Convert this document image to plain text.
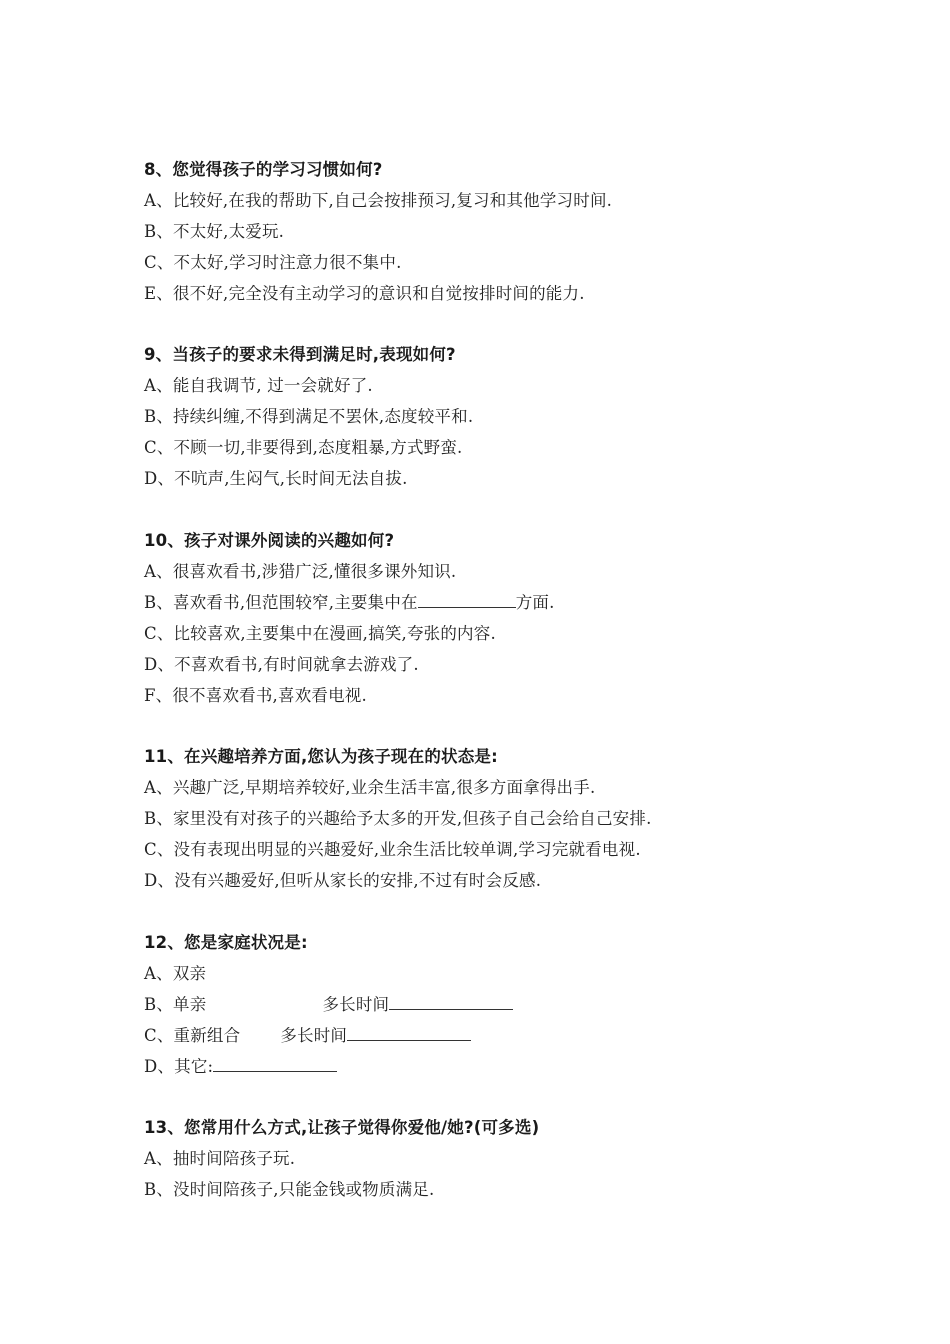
8、您觉得孩子的学习习惯如何?
A、比较好,在我的帮助下,自己会按排预习,复习和其他学习时间.
B、不太好,太爱玩.
C、不太好,学习时注意力很不集中.
E、很不好,完全没有主动学习的意识和自觉按排时间的能力.
9、当孩子的要求未得到满足时,表现如何?
A、能自我调节, 过一会就好了.
B、持续纠缠,不得到满足不罢休,态度较平和.
C、不顾一切,非要得到,态度粗暴,方式野蛮.
D、不吭声,生闷气,长时间无法自拔.
10、孩子对课外阅读的兴趣如何?
A、很喜欢看书,涉猎广泛,懂很多课外知识.
B、喜欢看书,但范围较窄,主要集中在	方面.
C、比较喜欢,主要集中在漫画,搞笑,夸张的内容.
D、不喜欢看书,有时间就拿去游戏了.
F、很不喜欢看书,喜欢看电视.
11、在兴趣培养方面,您认为孩子现在的状态是:
A、兴趣广泛,早期培养较好,业余生活丰富,很多方面拿得出手.
B、家里没有对孩子的兴趣给予太多的开发,但孩子自己会给自己安排.
C、没有表现出明显的兴趣爱好,业余生活比较单调,学习完就看电视.
D、没有兴趣爱好,但听从家长的安排,不过有时会反感.
12、您是家庭状况是:
A、双亲
B、单亲	多长时间
C、重新组合 多长时间
D、其它:
13、您常用什么方式,让孩子觉得你爱他/她?(可多选)
A、抽时间陪孩子玩.
B、没时间陪孩子,只能金钱或物质满足.
